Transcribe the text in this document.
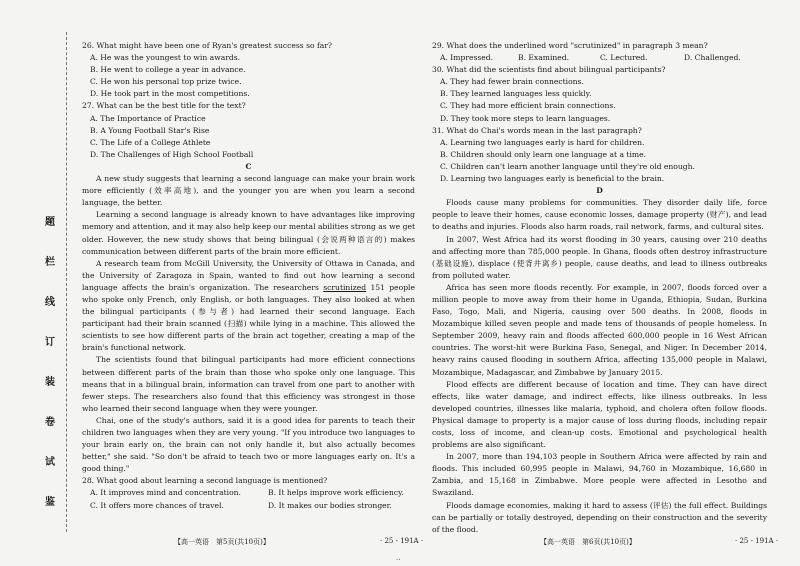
题
栏
线
订
装
卷
试
鉴

26. What might have been one of Ryan's greatest success so far?

A. He was the youngest to win awards.

B. He went to college a year in advance.

C. He won his personal top prize twice.

D. He took part in the most competitions.

27. What can be the best title for the text?

A. The Importance of Practice

B. A Young Football Star's Rise

C. The Life of a College Athlete

D. The Challenges of High School Football

C

A new study suggests that learning a second language can make your brain work more efficiently (效率高地), and the younger you are when you learn a second language, the better.

Learning a second language is already known to have advantages like improving memory and attention, and it may also help keep our mental abilities strong as we get older. However, the new study shows that being bilingual (会说两种语言的) makes communication between different parts of the brain more efficient.

A research team from McGill University, the University of Ottawa in Canada, and the University of Zaragoza in Spain, wanted to find out how learning a second language affects the brain's organization. The researchers scrutinized 151 people who spoke only French, only English, or both languages. They also looked at when the bilingual participants (参与者) had learned their second language. Each participant had their brain scanned (扫描) while lying in a machine. This allowed the scientists to see how different parts of the brain act together, creating a map of the brain's functional network.

The scientists found that bilingual participants had more efficient connections between different parts of the brain than those who spoke only one language. This means that in a bilingual brain, information can travel from one part to another with fewer steps. The researchers also found that this efficiency was strongest in those who learned their second language when they were younger.

Chai, one of the study's authors, said it is a good idea for parents to teach their children two languages when they are very young. "If you introduce two languages to your brain early on, the brain can not only handle it, but also actually becomes better," she said. "So don't be afraid to teach two or more languages early on. It's a good thing."

28. What good about learning a second language is mentioned?

A. It improves mind and concentration.	B. It helps improve work efficiency.
C. It offers more chances of travel.	D. It makes our bodies stronger.

29. What does the underlined word "scrutinized" in paragraph 3 mean?

A. Impressed.	B. Examined.	C. Lectured.	D. Challenged.

30. What did the scientists find about bilingual participants?

A. They had fewer brain connections.

B. They learned languages less quickly.

C. They had more efficient brain connections.

D. They took more steps to learn languages.

31. What do Chai's words mean in the last paragraph?

A. Learning two languages early is hard for children.

B. Children should only learn one language at a time.

C. Children can't learn another language until they're old enough.

D. Learning two languages early is beneficial to the brain.

D

Floods cause many problems for communities. They disorder daily life, force people to leave their homes, cause economic losses, damage property (财产), and lead to deaths and injuries. Floods also harm roads, rail network, farms, and cultural sites.

In 2007, West Africa had its worst flooding in 30 years, causing over 210 deaths and affecting more than 785,000 people. In Ghana, floods often destroy infrastructure (基础设施), displace (使背井离乡) people, cause deaths, and lead to illness outbreaks from polluted water.

Africa has seen more floods recently. For example, in 2007, floods forced over a million people to move away from their home in Uganda, Ethiopia, Sudan, Burkina Faso, Togo, Mali, and Nigeria, causing over 500 deaths. In 2008, floods in Mozambique killed seven people and made tens of thousands of people homeless. In September 2009, heavy rain and floods affected 600,000 people in 16 West African countries. The worst-hit were Burkina Faso, Senegal, and Niger. In December 2014, heavy rains caused flooding in southern Africa, affecting 135,000 people in Malawi, Mozambique, Madagascar, and Zimbabwe by January 2015.

Flood effects are different because of location and time. They can have direct effects, like water damage, and indirect effects, like illness outbreaks. In less developed countries, illnesses like malaria, typhoid, and cholera often follow floods. Physical damage to property is a major cause of loss during floods, including repair costs, loss of income, and clean-up costs. Emotional and psychological health problems are also significant.

In 2007, more than 194,103 people in Southern Africa were affected by rain and floods. This included 60,995 people in Malawi, 94,760 in Mozambique, 16,680 in Zambia, and 15,168 in Zimbabwe. More people were affected in Lesotho and Swaziland.

Floods damage economies, making it hard to assess (评估) the full effect. Buildings can be partially or totally destroyed, depending on their construction and the severity of the flood.

【高一英语　第5页(共10页)】	· 25 - 191A ·	【高一英语　第6页(共10页)】	· 25 - 191A ·
··
